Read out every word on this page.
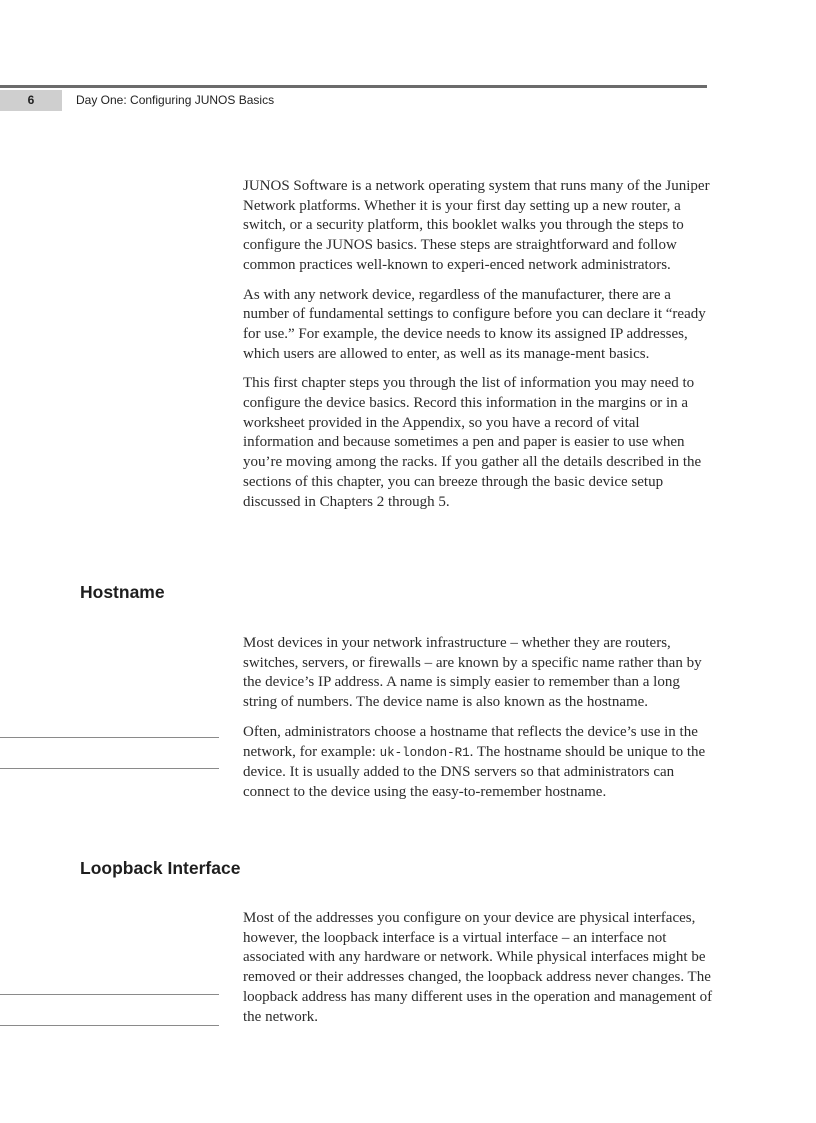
6	Day One: Configuring JUNOS Basics

JUNOS Software is a network operating system that runs many of the Juniper Network platforms. Whether it is your first day setting up a new router, a switch, or a security platform, this booklet walks you through the steps to configure the JUNOS basics. These steps are straightforward and follow common practices well-known to experi-enced network administrators.

As with any network device, regardless of the manufacturer, there are a number of fundamental settings to configure before you can declare it “ready for use.” For example, the device needs to know its assigned IP addresses, which users are allowed to enter, as well as its manage-ment basics.

This first chapter steps you through the list of information you may need to configure the device basics. Record this information in the margins or in a worksheet provided in the Appendix, so you have a record of vital information and because sometimes a pen and paper is easier to use when you’re moving among the racks. If you gather all the details described in the sections of this chapter, you can breeze through the basic device setup discussed in Chapters 2 through 5.

Hostname

Most devices in your network infrastructure – whether they are routers, switches, servers, or firewalls – are known by a specific name rather than by the device’s IP address. A name is simply easier to remember than a long string of numbers. The device name is also known as the hostname.

Often, administrators choose a hostname that reflects the device’s use in the network, for example: uk-london-R1. The hostname should be unique to the device. It is usually added to the DNS servers so that administrators can connect to the device using the easy-to-remember hostname.

Loopback Interface

Most of the addresses you configure on your device are physical interfaces, however, the loopback interface is a virtual interface – an interface not associated with any hardware or network. While physical interfaces might be removed or their addresses changed, the loopback address never changes. The loopback address has many different uses in the operation and management of the network.
